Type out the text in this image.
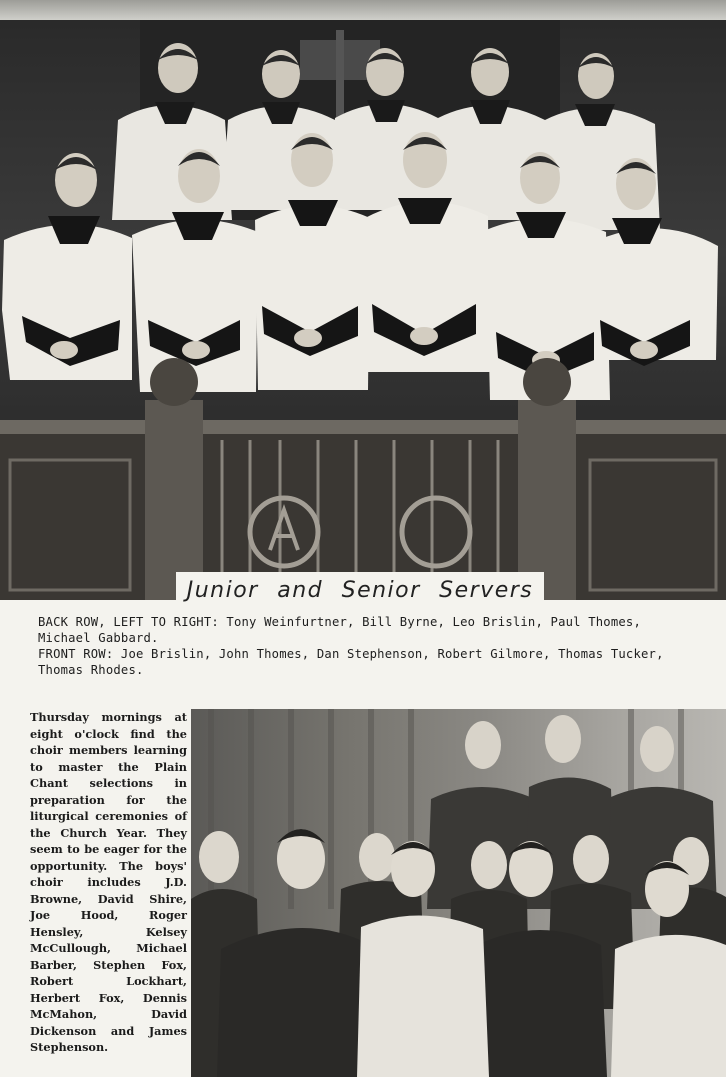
Junior and Senior Servers

BACK ROW, LEFT TO RIGHT: Tony Weinfurtner, Bill Byrne, Leo Brislin, Paul Thomes, Michael Gabbard.

FRONT ROW: Joe Brislin, John Thomes, Dan Stephenson, Robert Gilmore, Thomas Tucker, Thomas Rhodes.

Thursday mornings at eight o'clock find the choir members learning to master the Plain Chant selections in preparation for the liturgical ceremonies of the Church Year. They seem to be eager for the opportunity. The boys' choir includes J.D. Browne, David Shire, Joe Hood, Roger Hensley, Kelsey McCullough, Michael Barber, Stephen Fox, Robert Lockhart, Herbert Fox, Dennis McMahon, David Dickenson and James Stephenson.
